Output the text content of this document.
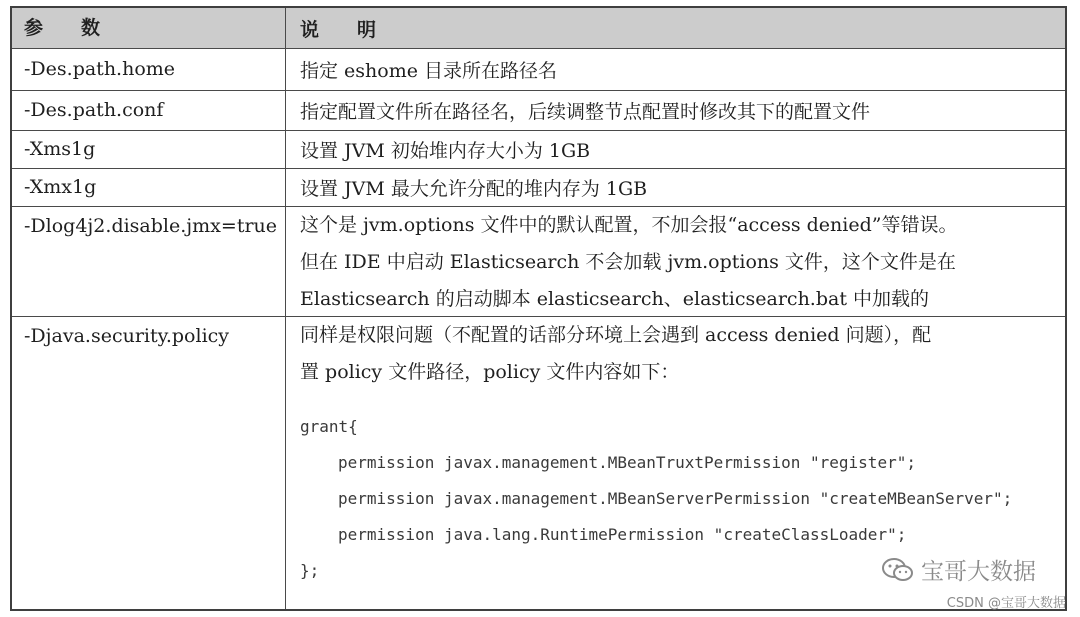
参　　数	说　　明
-Des.path.home	指定 eshome 目录所在路径名
-Des.path.conf	指定配置文件所在路径名，后续调整节点配置时修改其下的配置文件
-Xms1g	设置 JVM 初始堆内存大小为 1GB
-Xmx1g	设置 JVM 最大允许分配的堆内存为 1GB
-Dlog4j2.disable.jmx=true	这个是 jvm.options 文件中的默认配置，不加会报“access denied”等错误。
但在 IDE 中启动 Elasticsearch 不会加载 jvm.options 文件，这个文件是在
Elasticsearch 的启动脚本 elasticsearch、elasticsearch.bat 中加载的
-Djava.security.policy	同样是权限问题（不配置的话部分环境上会遇到 access denied 问题），配
置 policy 文件路径，policy 文件内容如下：
grant{
permission javax.management.MBeanTruxtPermission "register";
permission javax.management.MBeanServerPermission "createMBeanServer";
permission java.lang.RuntimePermission "createClassLoader";
};	宝哥大数据
CSDN @宝哥大数据
